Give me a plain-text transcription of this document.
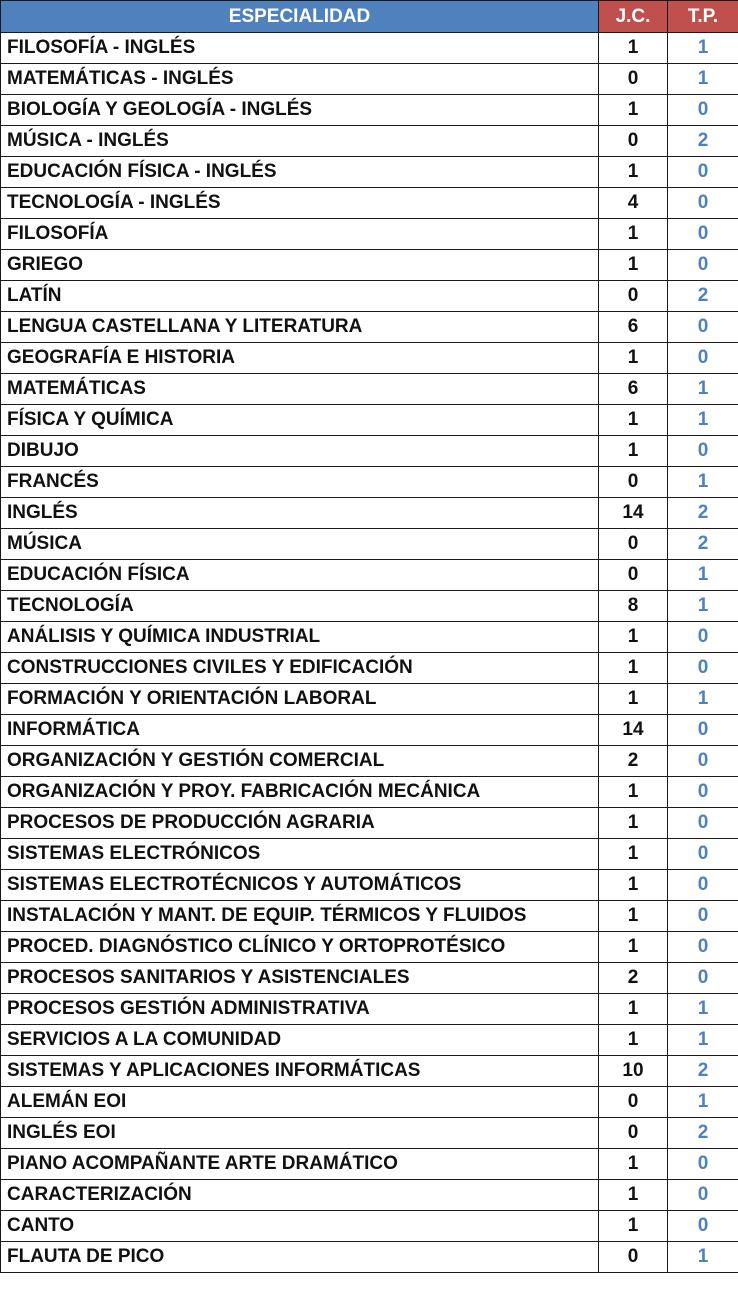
ESPECIALIDAD	J.C.	T.P.
FILOSOFÍA - INGLÉS	1	1
MATEMÁTICAS - INGLÉS	0	1
BIOLOGÍA Y GEOLOGÍA - INGLÉS	1	0
MÚSICA - INGLÉS	0	2
EDUCACIÓN FÍSICA - INGLÉS	1	0
TECNOLOGÍA - INGLÉS	4	0
FILOSOFÍA	1	0
GRIEGO	1	0
LATÍN	0	2
LENGUA CASTELLANA Y LITERATURA	6	0
GEOGRAFÍA E HISTORIA	1	0
MATEMÁTICAS	6	1
FÍSICA Y QUÍMICA	1	1
DIBUJO	1	0
FRANCÉS	0	1
INGLÉS	14	2
MÚSICA	0	2
EDUCACIÓN FÍSICA	0	1
TECNOLOGÍA	8	1
ANÁLISIS Y QUÍMICA INDUSTRIAL	1	0
CONSTRUCCIONES CIVILES Y EDIFICACIÓN	1	0
FORMACIÓN Y ORIENTACIÓN LABORAL	1	1
INFORMÁTICA	14	0
ORGANIZACIÓN Y GESTIÓN COMERCIAL	2	0
ORGANIZACIÓN Y PROY. FABRICACIÓN MECÁNICA	1	0
PROCESOS DE PRODUCCIÓN AGRARIA	1	0
SISTEMAS ELECTRÓNICOS	1	0
SISTEMAS ELECTROTÉCNICOS Y AUTOMÁTICOS	1	0
INSTALACIÓN Y MANT. DE EQUIP. TÉRMICOS Y FLUIDOS	1	0
PROCED. DIAGNÓSTICO CLÍNICO Y ORTOPROTÉSICO	1	0
PROCESOS SANITARIOS Y ASISTENCIALES	2	0
PROCESOS GESTIÓN ADMINISTRATIVA	1	1
SERVICIOS A LA COMUNIDAD	1	1
SISTEMAS Y APLICACIONES INFORMÁTICAS	10	2
ALEMÁN EOI	0	1
INGLÉS EOI	0	2
PIANO ACOMPAÑANTE ARTE DRAMÁTICO	1	0
CARACTERIZACIÓN	1	0
CANTO	1	0
FLAUTA DE PICO	0	1
